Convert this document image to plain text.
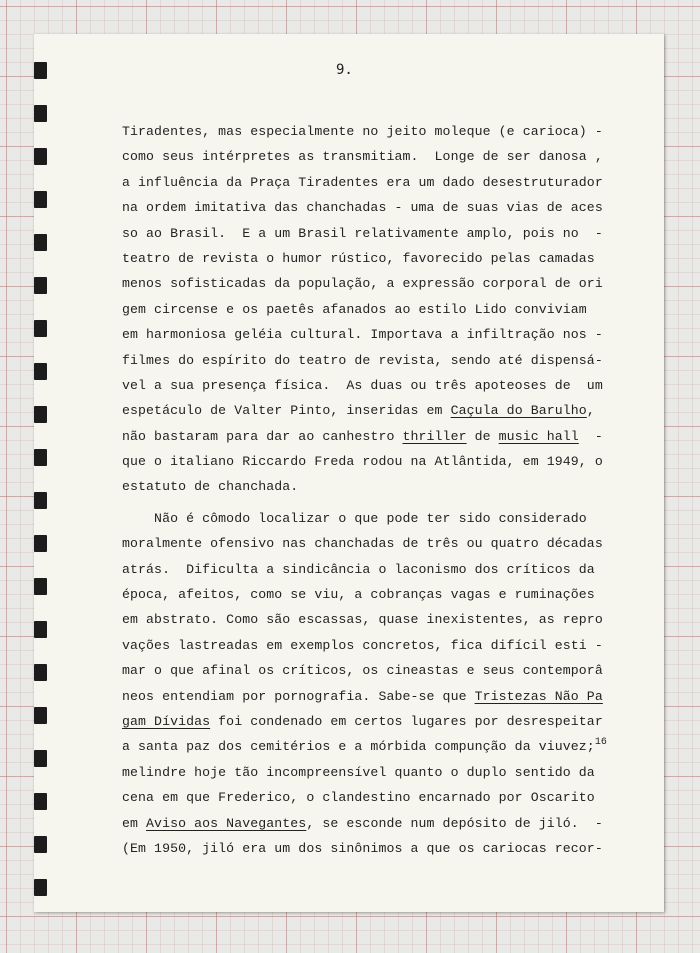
9.
Tiradentes, mas especialmente no jeito moleque (e carioca) -
como seus intérpretes as transmitiam.  Longe de ser danosa ,
a influência da Praça Tiradentes era um dado desestruturador
na ordem imitativa das chanchadas - uma de suas vias de aces
so ao Brasil.  E a um Brasil relativamente amplo, pois no  -
teatro de revista o humor rústico, favorecido pelas camadas
menos sofisticadas da população, a expressão corporal de ori
gem circense e os paetês afanados ao estilo Lido conviviam
em harmoniosa geléia cultural. Importava a infiltração nos -
filmes do espírito do teatro de revista, sendo até dispensá-
vel a sua presença física.  As duas ou três apoteoses de  um
espetáculo de Valter Pinto, inseridas em Caçula do Barulho,
não bastaram para dar ao canhestro thriller de music hall  -
que o italiano Riccardo Freda rodou na Atlântida, em 1949, o
estatuto de chanchada.
Não é cômodo localizar o que pode ter sido considerado
moralmente ofensivo nas chanchadas de três ou quatro décadas
atrás.  Dificulta a sindicância o laconismo dos críticos da
época, afeitos, como se viu, a cobranças vagas e ruminações
em abstrato. Como são escassas, quase inexistentes, as repro
vações lastreadas em exemplos concretos, fica difícil esti -
mar o que afinal os críticos, os cineastas e seus contemporâ
neos entendiam por pornografia. Sabe-se que Tristezas Não Pa
gam Dívidas foi condenado em certos lugares por desrespeitar
a santa paz dos cemitérios e a mórbida compunção da viuvez;$^{16}$
melindre hoje tão incompreensível quanto o duplo sentido da
cena em que Frederico, o clandestino encarnado por Oscarito
em Aviso aos Navegantes, se esconde num depósito de jiló.  -
(Em 1950, jiló era um dos sinônimos a que os cariocas recor-
